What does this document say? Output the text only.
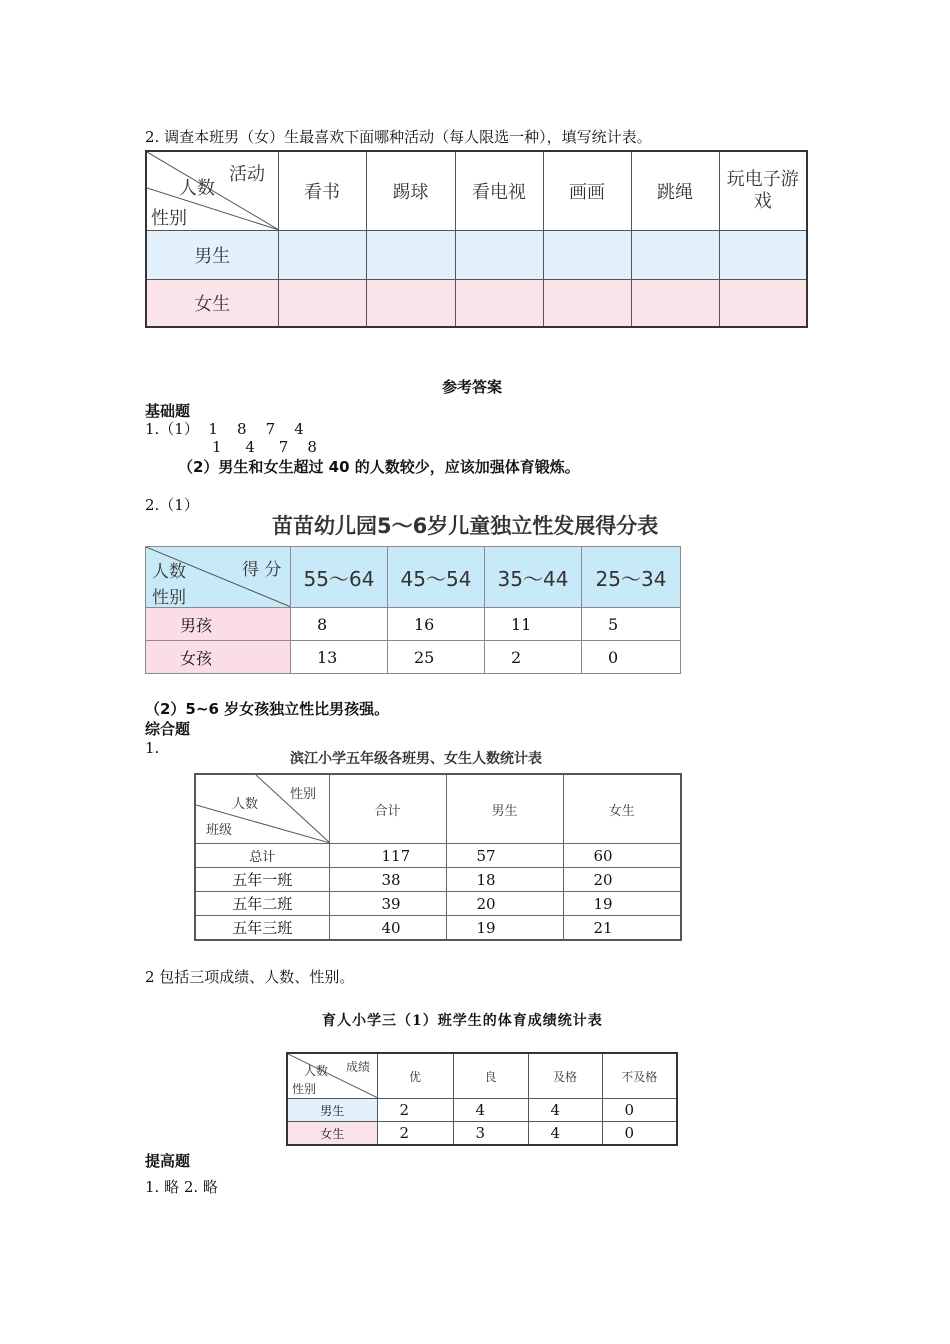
2. 调查本班男（女）生最喜欢下面哪种活动（每人限选一种），填写统计表。
活动
人数
性别	看书	踢球	看电视	画画	跳绳	玩电子游戏
男生						
女生						
参考答案
基础题
1.（1）  1    8    7    4
1     4     7    8
（2）男生和女生超过 40 的人数较少，应该加强体育锻炼。
2.（1）
苗苗幼儿园5～6岁儿童独立性发展得分表
得 分
人数
性别	55～64	45～54	35～44	25～34
男孩	8	16	11	5
女孩	13	25	2	0
（2）5~6 岁女孩独立性比男孩强。
综合题
1.
滨江小学五年级各班男、女生人数统计表
性别
人数
班级	合计	男生	女生
总计	117	57	60
五年一班	38	18	20
五年二班	39	20	19
五年三班	40	19	21
2 包括三项成绩、人数、性别。
育人小学三（1）班学生的体育成绩统计表
成绩
人数
性别	优	良	及格	不及格
男生	2	4	4	0
女生	2	3	4	0
提高题
1. 略 2. 略
